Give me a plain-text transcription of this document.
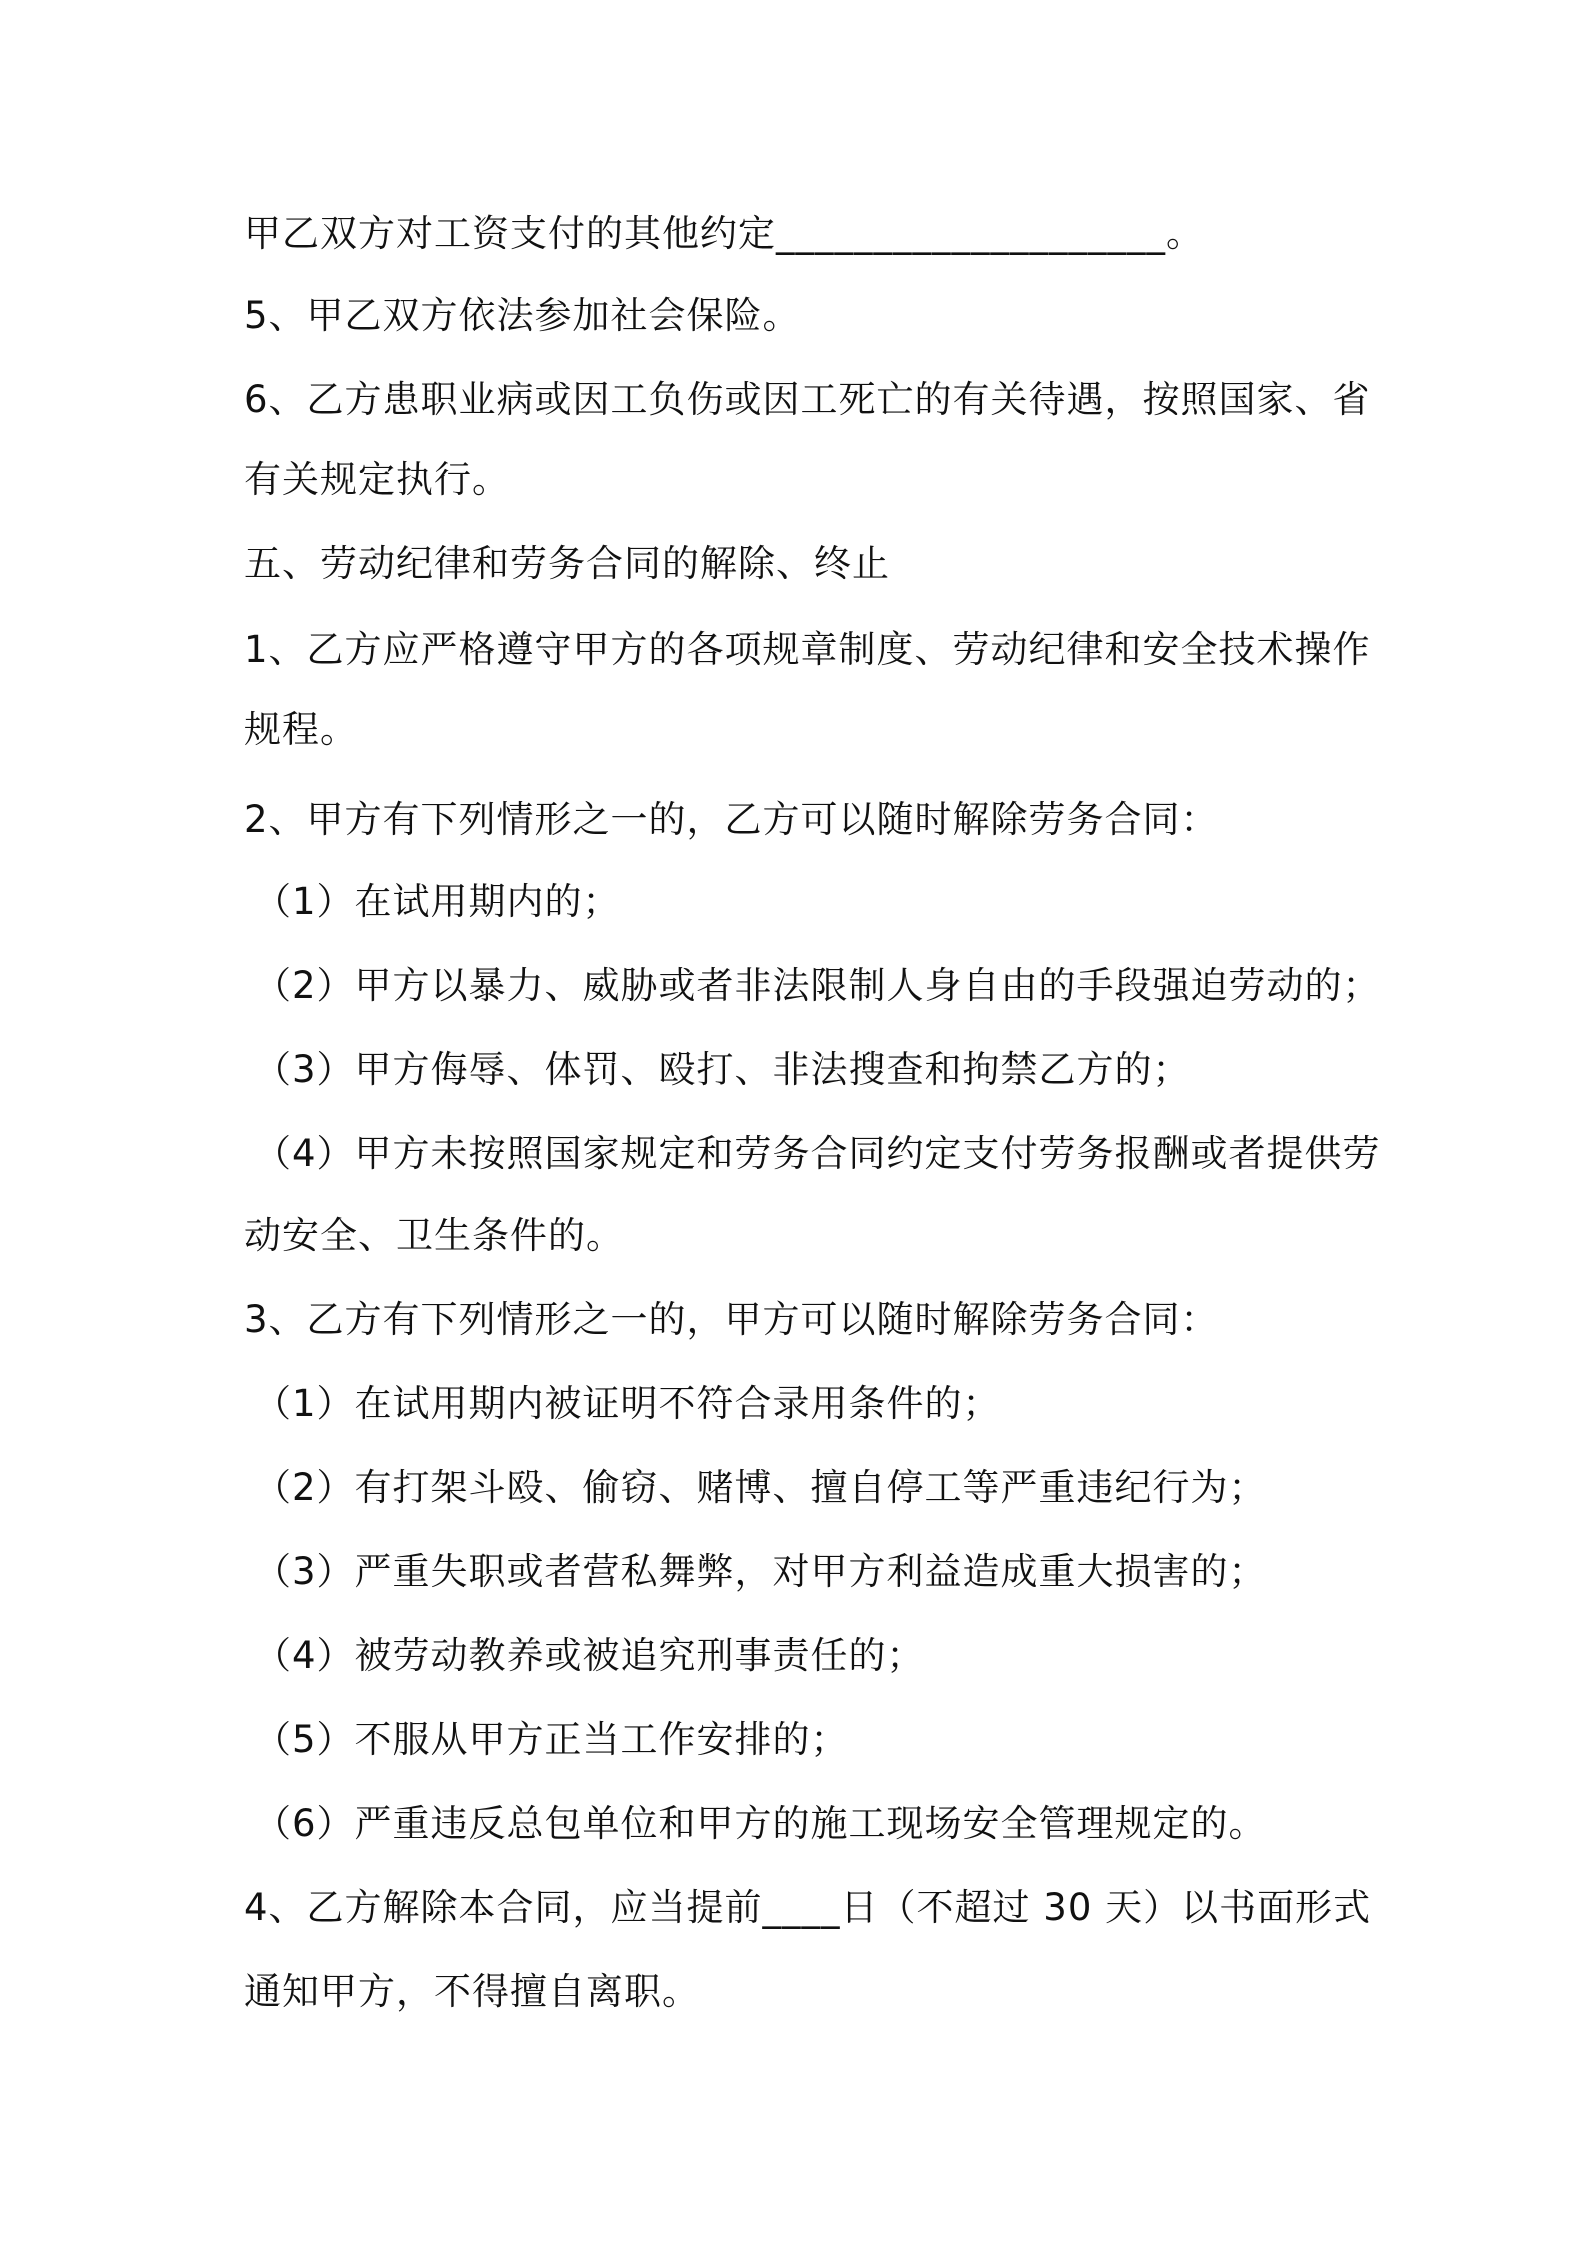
甲乙双方对工资支付的其他约定____________________。
5、甲乙双方依法参加社会保险。
6、乙方患职业病或因工负伤或因工死亡的有关待遇，按照国家、省
有关规定执行。
五、劳动纪律和劳务合同的解除、终止
1、乙方应严格遵守甲方的各项规章制度、劳动纪律和安全技术操作
规程。
2、甲方有下列情形之一的，乙方可以随时解除劳务合同：
（1）在试用期内的；
（2）甲方以暴力、威胁或者非法限制人身自由的手段强迫劳动的；
（3）甲方侮辱、体罚、殴打、非法搜查和拘禁乙方的；
（4）甲方未按照国家规定和劳务合同约定支付劳务报酬或者提供劳
动安全、卫生条件的。
3、乙方有下列情形之一的，甲方可以随时解除劳务合同：
（1）在试用期内被证明不符合录用条件的；
（2）有打架斗殴、偷窃、赌博、擅自停工等严重违纪行为；
（3）严重失职或者营私舞弊，对甲方利益造成重大损害的；
（4）被劳动教养或被追究刑事责任的；
（5）不服从甲方正当工作安排的；
（6）严重违反总包单位和甲方的施工现场安全管理规定的。
4、乙方解除本合同，应当提前____日（不超过 30 天）以书面形式
通知甲方，不得擅自离职。
